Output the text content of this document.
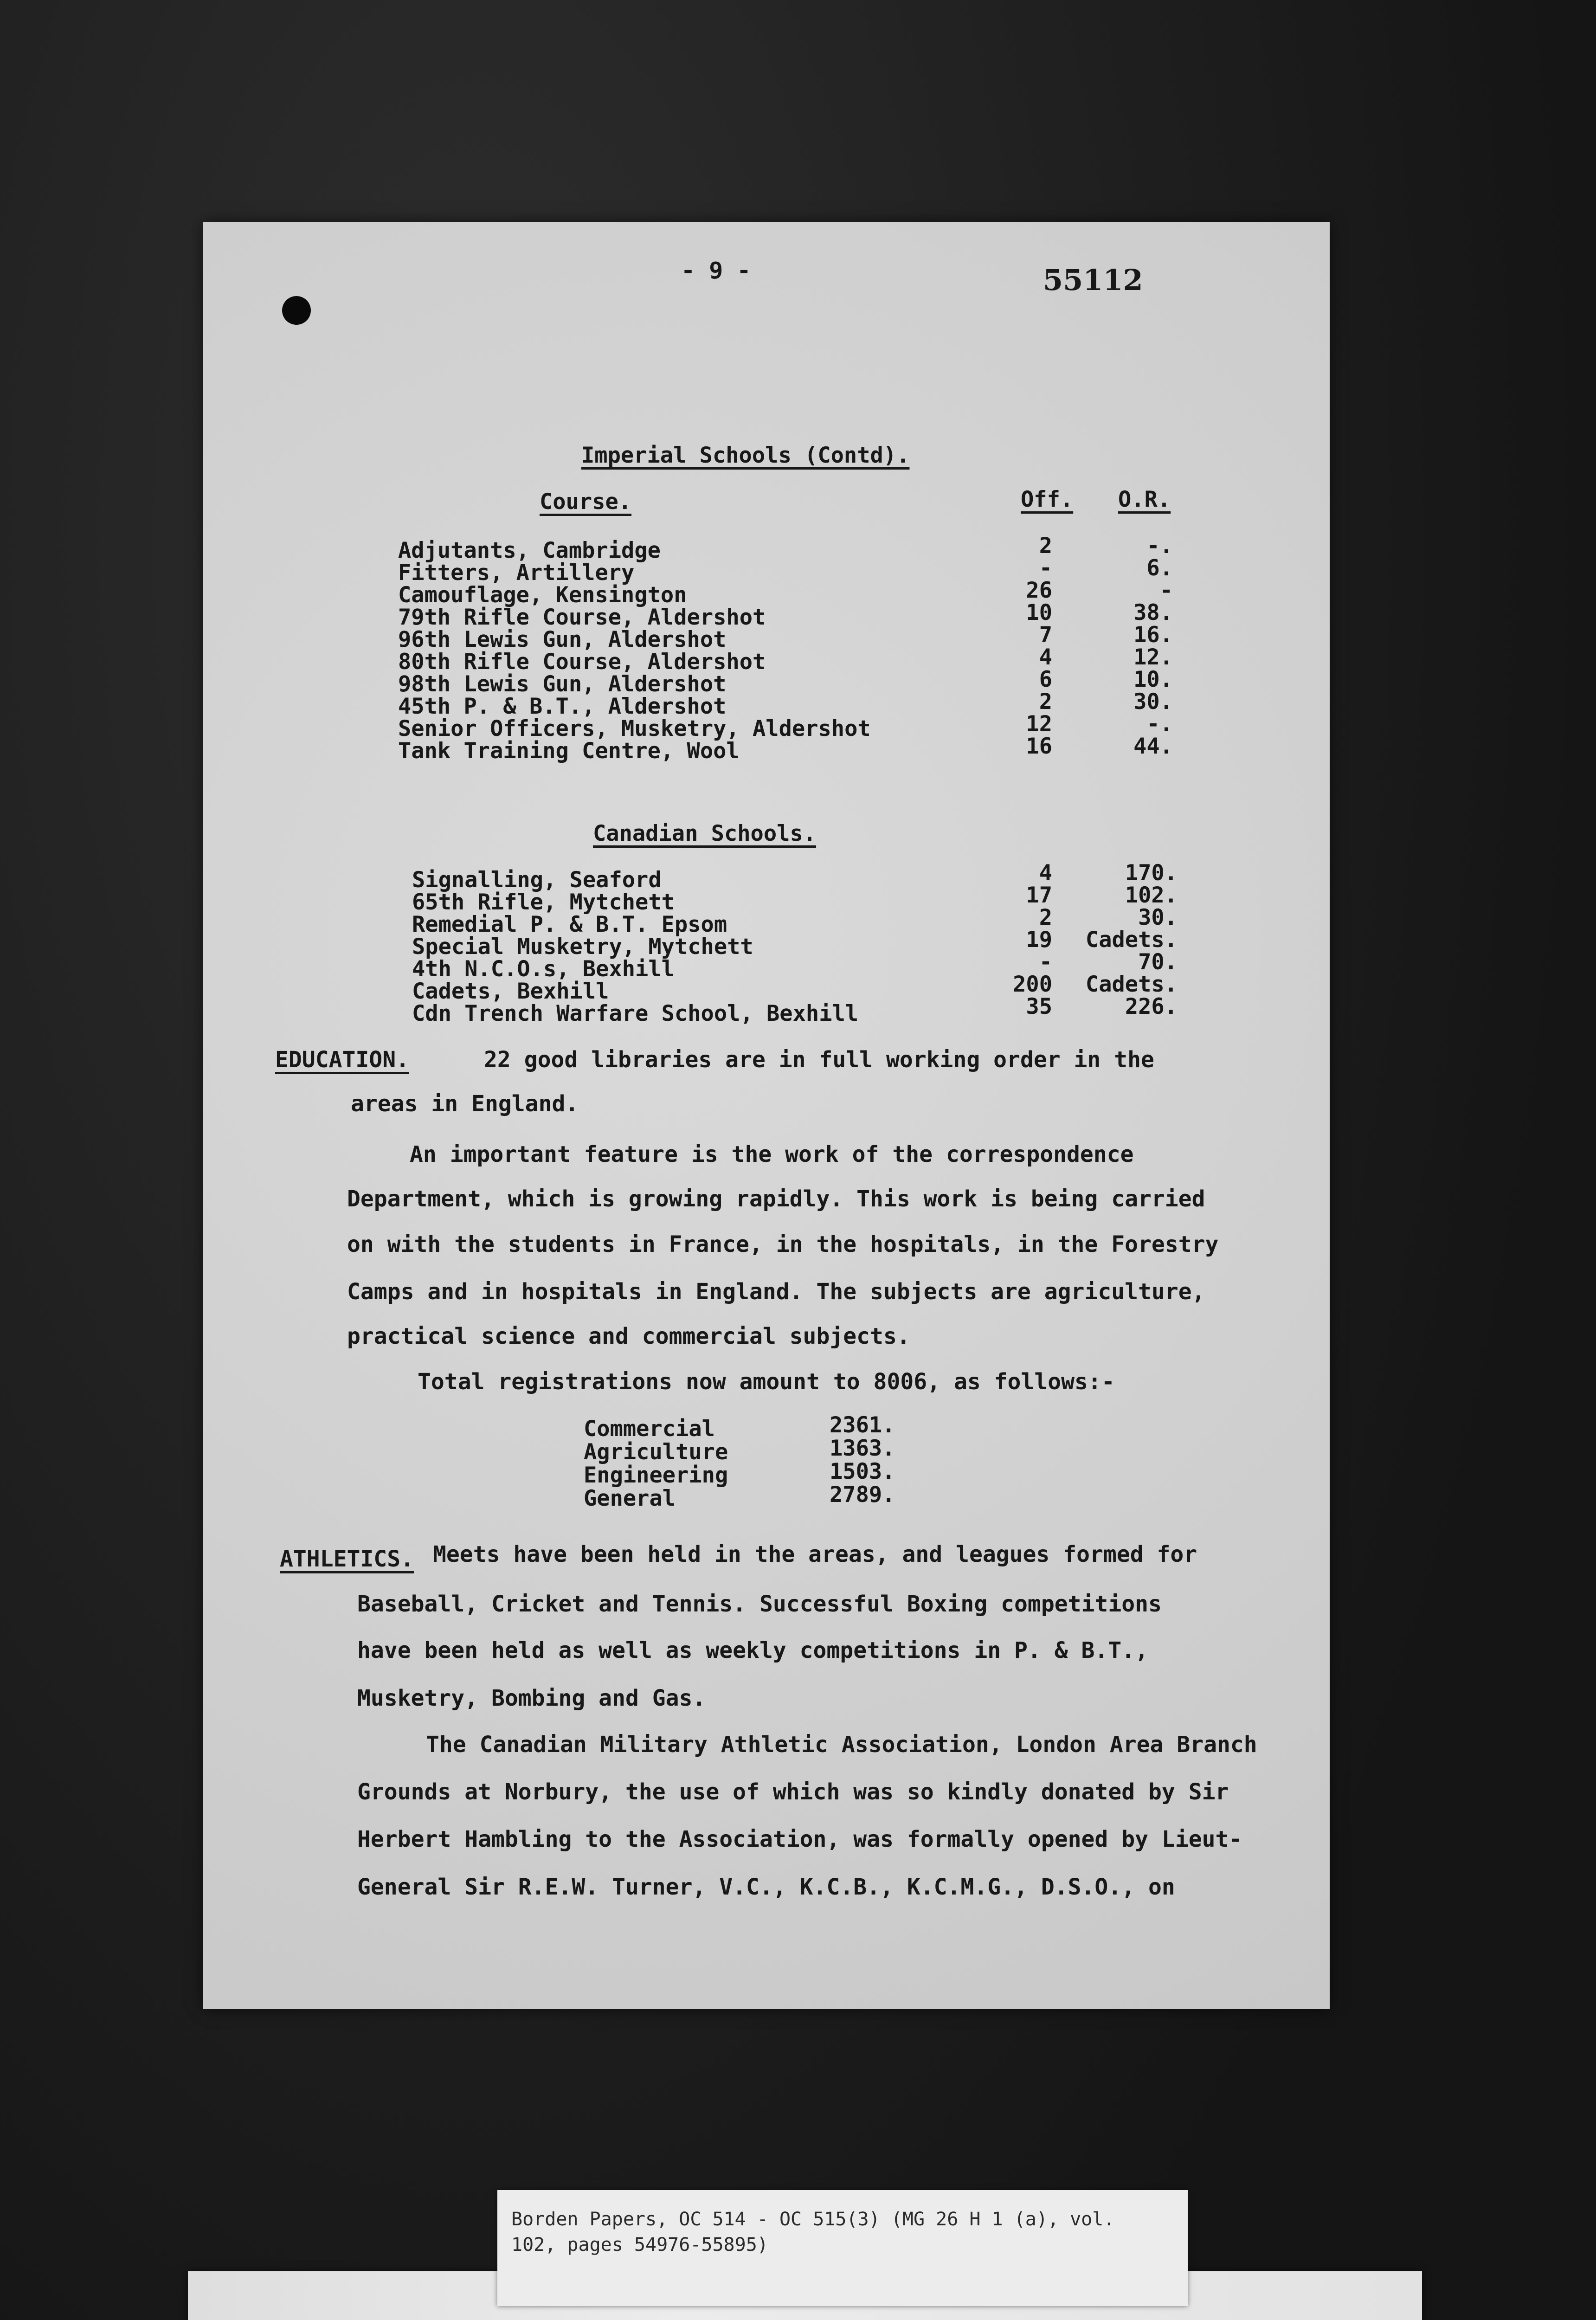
- 9 -	55112
Imperial Schools (Contd).
Course.	Off. O.R.
Adjutants, Cambridge	2	-.
Fitters, Artillery	-	6.
Camouflage, Kensington	26	-
79th Rifle Course, Aldershot	10	38.
96th Lewis Gun, Aldershot	7	16.
80th Rifle Course, Aldershot	4	12.
98th Lewis Gun, Aldershot	6	10.
45th P. & B.T., Aldershot	2	30.
Senior Officers, Musketry, Aldershot	12	-.
Tank Training Centre, Wool	16	44.
Canadian Schools.
Signalling, Seaford	4	170.
65th Rifle, Mytchett	17	102.
Remedial P. & B.T. Epsom	2	30.
Special Musketry, Mytchett	19	Cadets.
4th N.C.O.s, Bexhill	-	70.
Cadets, Bexhill	200	Cadets.
Cdn Trench Warfare School, Bexhill	35	226.
EDUCATION.	22 good libraries are in full working order in the
areas in England.
An important feature is the work of the correspondence
Department, which is growing rapidly. This work is being carried
on with the students in France, in the hospitals, in the Forestry
Camps and in hospitals in England. The subjects are agriculture,
practical science and commercial subjects.
Total registrations now amount to 8006, as follows:-
Commercial	2361.
Agriculture	1363.
Engineering	1503.
General	2789.
ATHLETICS. Meets have been held in the areas, and leagues formed for
Baseball, Cricket and Tennis. Successful Boxing competitions
have been held as well as weekly competitions in P. & B.T.,
Musketry, Bombing and Gas.
The Canadian Military Athletic Association, London Area Branch
Grounds at Norbury, the use of which was so kindly donated by Sir
Herbert Hambling to the Association, was formally opened by Lieut-
General Sir R.E.W. Turner, V.C., K.C.B., K.C.M.G., D.S.O., on
Borden Papers, OC 514 - OC 515(3) (MG 26 H 1 (a), vol.
102, pages 54976-55895)
